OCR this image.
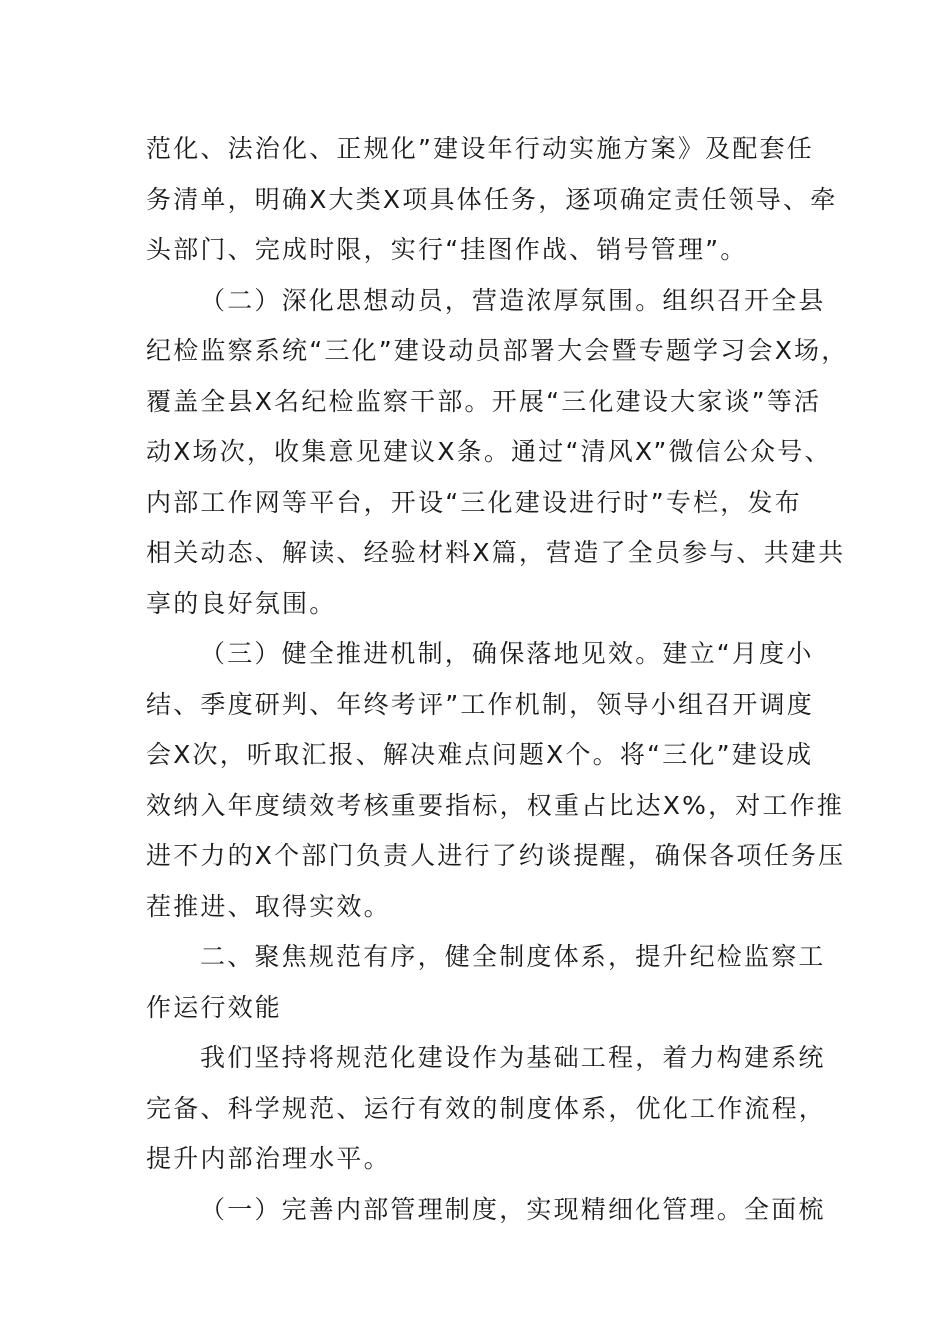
范化、法治化、正规化”建设年行动实施方案》及配套任
务清单，明确X大类X项具体任务，逐项确定责任领导、牵
头部门、完成时限，实行“挂图作战、销号管理”。
（二）深化思想动员，营造浓厚氛围。组织召开全县
纪检监察系统“三化”建设动员部署大会暨专题学习会X场，
覆盖全县X名纪检监察干部。开展“三化建设大家谈”等活
动X场次，收集意见建议X条。通过“清风X”微信公众号、
内部工作网等平台，开设“三化建设进行时”专栏，发布
相关动态、解读、经验材料X篇，营造了全员参与、共建共
享的良好氛围。
（三）健全推进机制，确保落地见效。建立“月度小
结、季度研判、年终考评”工作机制，领导小组召开调度
会X次，听取汇报、解决难点问题X个。将“三化”建设成
效纳入年度绩效考核重要指标，权重占比达X%，对工作推
进不力的X个部门负责人进行了约谈提醒，确保各项任务压
茬推进、取得实效。
二、聚焦规范有序，健全制度体系，提升纪检监察工
作运行效能
我们坚持将规范化建设作为基础工程，着力构建系统
完备、科学规范、运行有效的制度体系，优化工作流程，
提升内部治理水平。
（一）完善内部管理制度，实现精细化管理。全面梳
